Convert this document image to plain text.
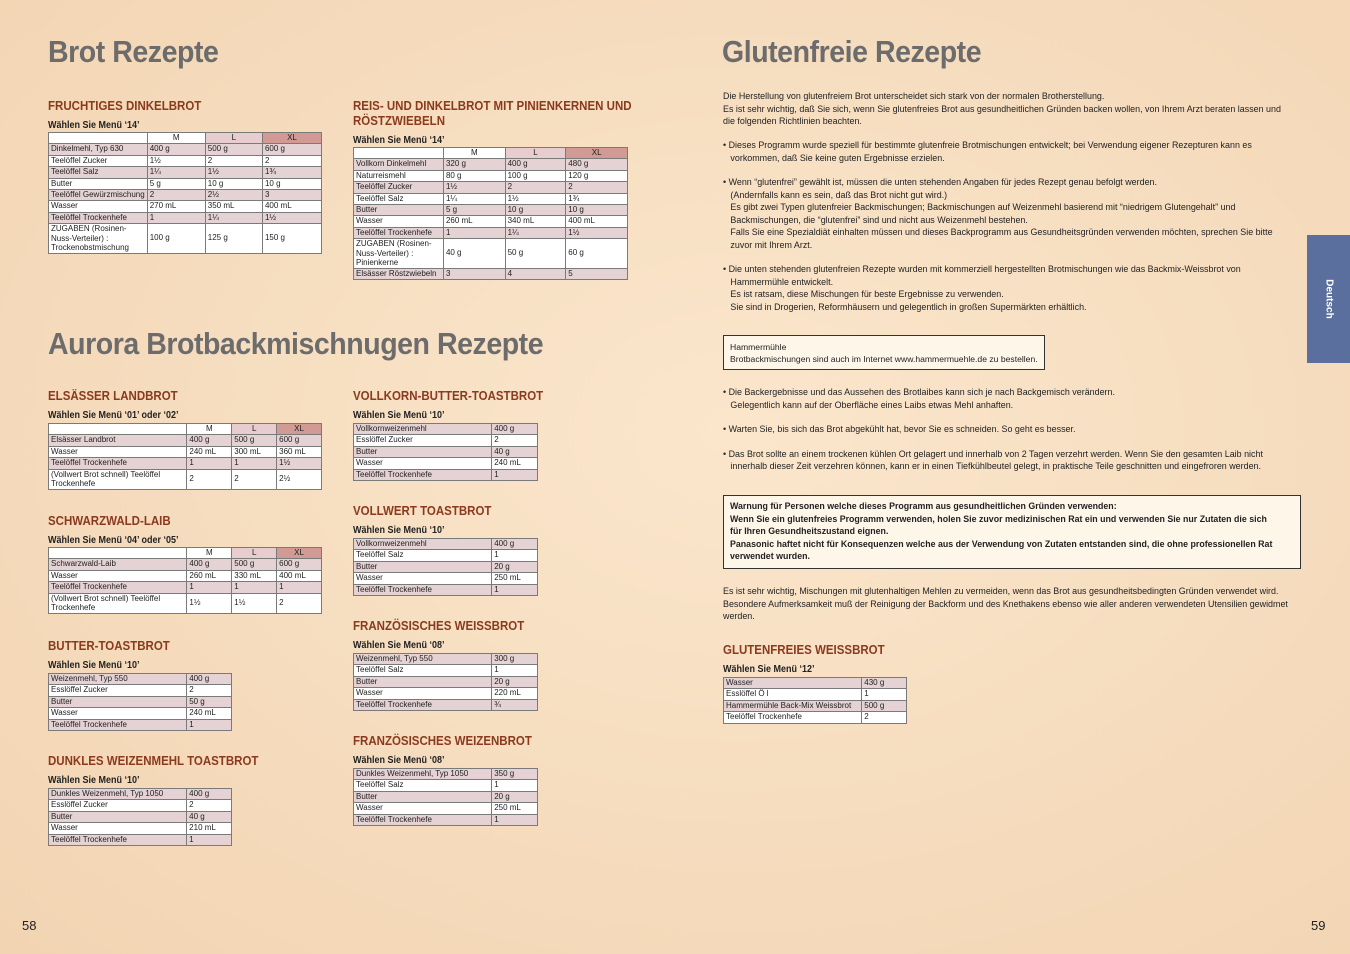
Brot Rezepte
FRUCHTIGES DINKELBROT
Wählen Sie Menü ‘14’
	M	L	XL
Dinkelmehl, Typ 630	400 g	500 g	600 g
Teelöffel Zucker	1½	2	2
Teelöffel Salz	1¼	1½	1¾
Butter	5 g	10 g	10 g
Teelöffel Gewürzmischung	2	2½	3
Wasser	270 mL	350 mL	400 mL
Teelöffel Trockenhefe	1	1¼	1½
ZUGABEN (Rosinen-Nuss-Verteiler) : Trockenobstmischung	100 g	125 g	150 g
REIS- UND DINKELBROT MIT PINIENKERNEN UND
RÖSTZWIEBELN
Wählen Sie Menü ‘14’
	M	L	XL
Vollkorn Dinkelmehl	320 g	400 g	480 g
Naturreismehl	80 g	100 g	120 g
Teelöffel Zucker	1½	2	2
Teelöffel Salz	1¼	1½	1¾
Butter	5 g	10 g	10 g
Wasser	260 mL	340 mL	400 mL
Teelöffel Trockenhefe	1	1¼	1½
ZUGABEN (Rosinen-Nuss-Verteiler) : Pinienkerne	40 g	50 g	60 g
Elsässer Röstzwiebeln	3	4	5
Aurora Brotbackmischnugen Rezepte
ELSÄSSER LANDBROT
Wählen Sie Menü ‘01’ oder ‘02’
	M	L	XL
Elsässer Landbrot	400 g	500 g	600 g
Wasser	240 mL	300 mL	360 mL
Teelöffel Trockenhefe	1	1	1½
(Vollwert Brot schnell) Teelöffel Trockenhefe	2	2	2½
SCHWARZWALD-LAIB
Wählen Sie Menü ‘04’ oder ‘05’
	M	L	XL
Schwarzwald-Laib	400 g	500 g	600 g
Wasser	260 mL	330 mL	400 mL
Teelöffel Trockenhefe	1	1	1
(Vollwert Brot schnell) Teelöffel Trockenhefe	1½	1½	2
BUTTER-TOASTBROT
Wählen Sie Menü ‘10’
Weizenmehl, Typ 550	400 g
Esslöffel Zucker	2
Butter	50 g
Wasser	240 mL
Teelöffel Trockenhefe	1
DUNKLES WEIZENMEHL TOASTBROT
Wählen Sie Menü ‘10’
Dunkles Weizenmehl, Typ 1050	400 g
Esslöffel Zucker	2
Butter	40 g
Wasser	210 mL
Teelöffel Trockenhefe	1
VOLLKORN-BUTTER-TOASTBROT
Wählen Sie Menü ‘10’
Vollkornweizenmehl	400 g
Esslöffel Zucker	2
Butter	40 g
Wasser	240 mL
Teelöffel Trockenhefe	1
VOLLWERT TOASTBROT
Wählen Sie Menü ‘10’
Vollkornweizenmehl	400 g
Teelöffel Salz	1
Butter	20 g
Wasser	250 mL
Teelöffel Trockenhefe	1
FRANZÖSISCHES WEISSBROT
Wählen Sie Menü ‘08’
Weizenmehl, Typ 550	300 g
Teelöffel Salz	1
Butter	20 g
Wasser	220 mL
Teelöffel Trockenhefe	¾
FRANZÖSISCHES WEIZENBROT
Wählen Sie Menü ‘08’
Dunkles Weizenmehl, Typ 1050	350 g
Teelöffel Salz	1
Butter	20 g
Wasser	250 mL
Teelöffel Trockenhefe	1
58
Glutenfreie Rezepte
Die Herstellung von glutenfreiem Brot unterscheidet sich stark von der normalen Brotherstellung.
Es ist sehr wichtig, daß Sie sich, wenn Sie glutenfreies Brot aus gesundheitlichen Gründen backen wollen, von Ihrem Arzt beraten lassen und
die folgenden Richtlinien beachten.
• Dieses Programm wurde speziell für bestimmte glutenfreie Brotmischungen entwickelt; bei Verwendung eigener Rezepturen kann es
vorkommen, daß Sie keine guten Ergebnisse erzielen.
• Wenn “glutenfrei” gewählt ist, müssen die unten stehenden Angaben für jedes Rezept genau befolgt werden.
(Andernfalls kann es sein, daß das Brot nicht gut wird.)
Es gibt zwei Typen glutenfreier Backmischungen; Backmischungen auf Weizenmehl basierend mit “niedrigem Glutengehalt” und
Backmischungen, die “glutenfrei” sind und nicht aus Weizenmehl bestehen.
Falls Sie eine Spezialdiät einhalten müssen und dieses Backprogramm aus Gesundheitsgründen verwenden möchten, sprechen Sie bitte
zuvor mit Ihrem Arzt.
• Die unten stehenden glutenfreien Rezepte wurden mit kommerziell hergestellten Brotmischungen wie das Backmix-Weissbrot von
Hammermühle entwickelt.
Es ist ratsam, diese Mischungen für beste Ergebnisse zu verwenden.
Sie sind in Drogerien, Reformhäusern und gelegentlich in großen Supermärkten erhältlich.
Hammermühle
Brotbackmischungen sind auch im Internet www.hammermuehle.de zu bestellen.
• Die Backergebnisse und das Aussehen des Brotlaibes kann sich je nach Backgemisch verändern.
Gelegentlich kann auf der Oberfläche eines Laibs etwas Mehl anhaften.
• Warten Sie, bis sich das Brot abgekühlt hat, bevor Sie es schneiden. So geht es besser.
• Das Brot sollte an einem trockenen kühlen Ort gelagert und innerhalb von 2 Tagen verzehrt werden. Wenn Sie den gesamten Laib nicht
innerhalb dieser Zeit verzehren können, kann er in einen Tiefkühlbeutel gelegt, in praktische Teile geschnitten und eingefroren werden.
Warnung für Personen welche dieses Programm aus gesundheitlichen Gründen verwenden:
Wenn Sie ein glutenfreies Programm verwenden, holen Sie zuvor medizinischen Rat ein und verwenden Sie nur Zutaten die sich
für Ihren Gesundheitszustand eignen.
Panasonic haftet nicht für Konsequenzen welche aus der Verwendung von Zutaten entstanden sind, die ohne professionellen Rat
verwendet wurden.
Es ist sehr wichtig, Mischungen mit glutenhaltigen Mehlen zu vermeiden, wenn das Brot aus gesundheitsbedingten Gründen verwendet wird.
Besondere Aufmerksamkeit muß der Reinigung der Backform und des Knethakens ebenso wie aller anderen verwendeten Utensilien gewidmet
werden.
GLUTENFREIES WEISSBROT
Wählen Sie Menü ‘12’
Wasser	430 g
Esslöffel Ö l	1
Hammermühle Back-Mix Weissbrot	500 g
Teelöffel Trockenhefe	2
Deutsch
59
